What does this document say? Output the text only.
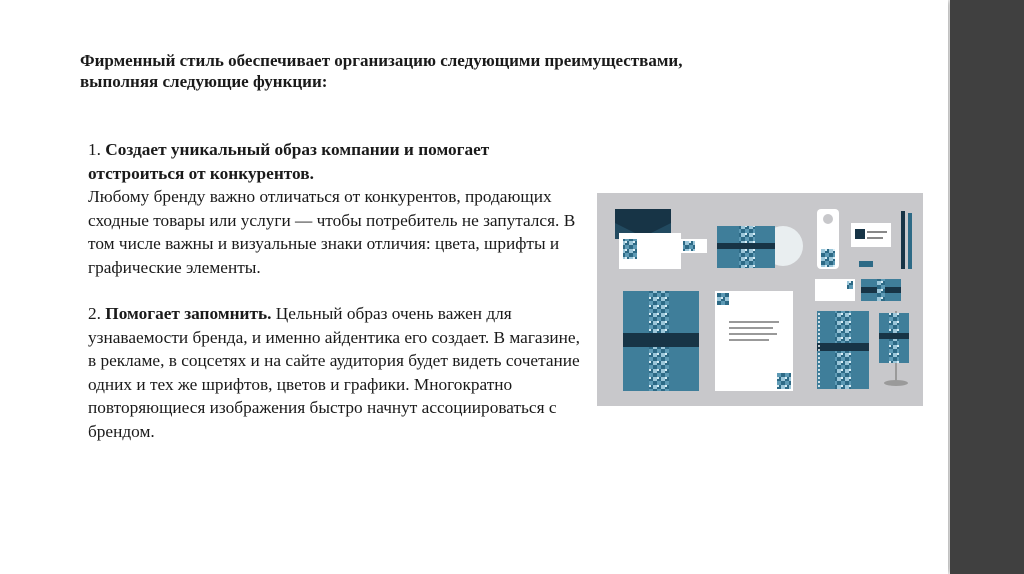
Фирменный стиль обеспечивает организацию следующими преимуществами, выполняя следующие функции:

1. Создает уникальный образ компании и помогает отстроиться от конкурентов.
Любому бренду важно отличаться от конкурентов, продающих сходные товары или услуги — чтобы потребитель не запутался. В том числе важны и визуальные знаки отличия: цвета, шрифты и графические элементы.

2. Помогает запомнить. Цельный образ очень важен для узнаваемости бренда, и именно айдентика его создает. В магазине, в рекламе, в соцсетях и на сайте аудитория будет видеть сочетание одних и тех же шрифтов, цветов и графики. Многократно повторяющиеся изображения быстро начнут ассоциироваться с брендом.
